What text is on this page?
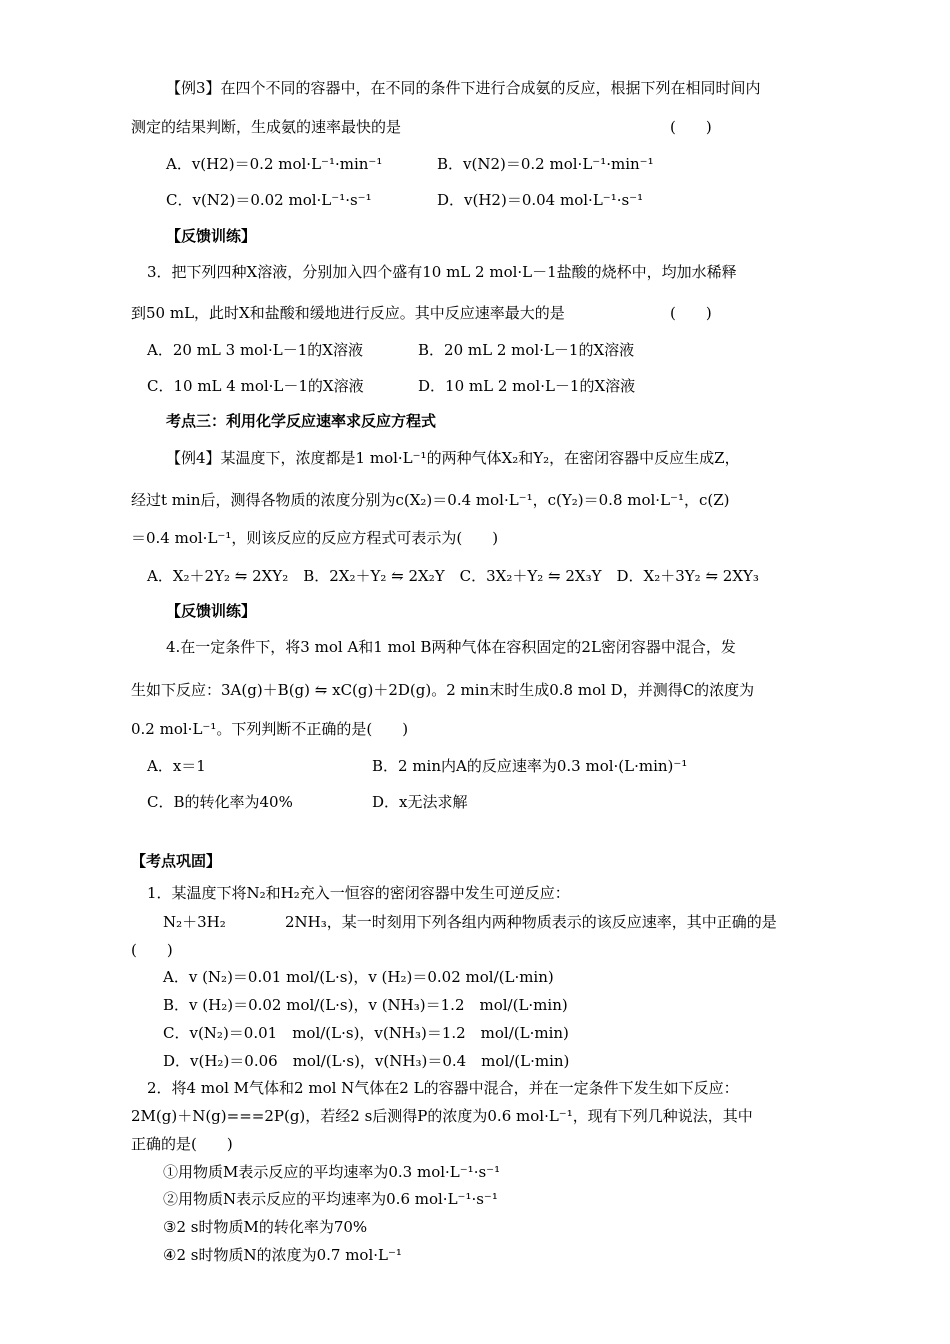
【例3】在四个不同的容器中，在不同的条件下进行合成氨的反应，根据下列在相同时间内
测定的结果判断，生成氨的速率最快的是	(　　)
A．v(H2)＝0.2 mol·L⁻¹·min⁻¹	B．v(N2)＝0.2 mol·L⁻¹·min⁻¹
C．v(N2)＝0.02 mol·L⁻¹·s⁻¹	D．v(H2)＝0.04 mol·L⁻¹·s⁻¹
【反馈训练】
3．把下列四种X溶液，分别加入四个盛有10 mL 2 mol·L－1盐酸的烧杯中，均加水稀释
到50 mL，此时X和盐酸和缓地进行反应。其中反应速率最大的是	(　　)
A．20 mL 3 mol·L－1的X溶液	B．20 mL 2 mol·L－1的X溶液
C．10 mL 4 mol·L－1的X溶液	D．10 mL 2 mol·L－1的X溶液
考点三：利用化学反应速率求反应方程式
【例4】某温度下，浓度都是1 mol·L⁻¹的两种气体X₂和Y₂，在密闭容器中反应生成Z，
经过t min后，测得各物质的浓度分别为c(X₂)＝0.4 mol·L⁻¹，c(Y₂)＝0.8 mol·L⁻¹，c(Z)
＝0.4 mol·L⁻¹，则该反应的反应方程式可表示为(　　)
A．X₂＋2Y₂ ⇋ 2XY₂　B．2X₂＋Y₂ ⇋ 2X₂Y　C．3X₂＋Y₂ ⇋ 2X₃Y　D．X₂＋3Y₂ ⇋ 2XY₃
【反馈训练】
4.在一定条件下，将3 mol A和1 mol B两种气体在容积固定的2L密闭容器中混合，发
生如下反应：3A(g)＋B(g) ⇋ xC(g)＋2D(g)。2 min末时生成0.8 mol D，并测得C的浓度为
0.2 mol·L⁻¹。下列判断不正确的是(　　)
A．x＝1	B．2 min内A的反应速率为0.3 mol·(L·min)⁻¹
C．B的转化率为40%	D．x无法求解
【考点巩固】
1．某温度下将N₂和H₂充入一恒容的密闭容器中发生可逆反应：
N₂＋3H₂	2NH₃，某一时刻用下列各组内两种物质表示的该反应速率，其中正确的是
(　　)
A．v (N₂)＝0.01 mol/(L·s)，v (H₂)＝0.02 mol/(L·min)
B．v (H₂)＝0.02 mol/(L·s)，v (NH₃)＝1.2　mol/(L·min)
C．v(N₂)＝0.01　mol/(L·s)，v(NH₃)＝1.2　mol/(L·min)
D．v(H₂)＝0.06　mol/(L·s)，v(NH₃)＝0.4　mol/(L·min)
2．将4 mol M气体和2 mol N气体在2 L的容器中混合，并在一定条件下发生如下反应：
2M(g)＋N(g)===2P(g)，若经2 s后测得P的浓度为0.6 mol·L⁻¹，现有下列几种说法，其中
正确的是(　　)
①用物质M表示反应的平均速率为0.3 mol·L⁻¹·s⁻¹
②用物质N表示反应的平均速率为0.6 mol·L⁻¹·s⁻¹
③2 s时物质M的转化率为70%
④2 s时物质N的浓度为0.7 mol·L⁻¹
